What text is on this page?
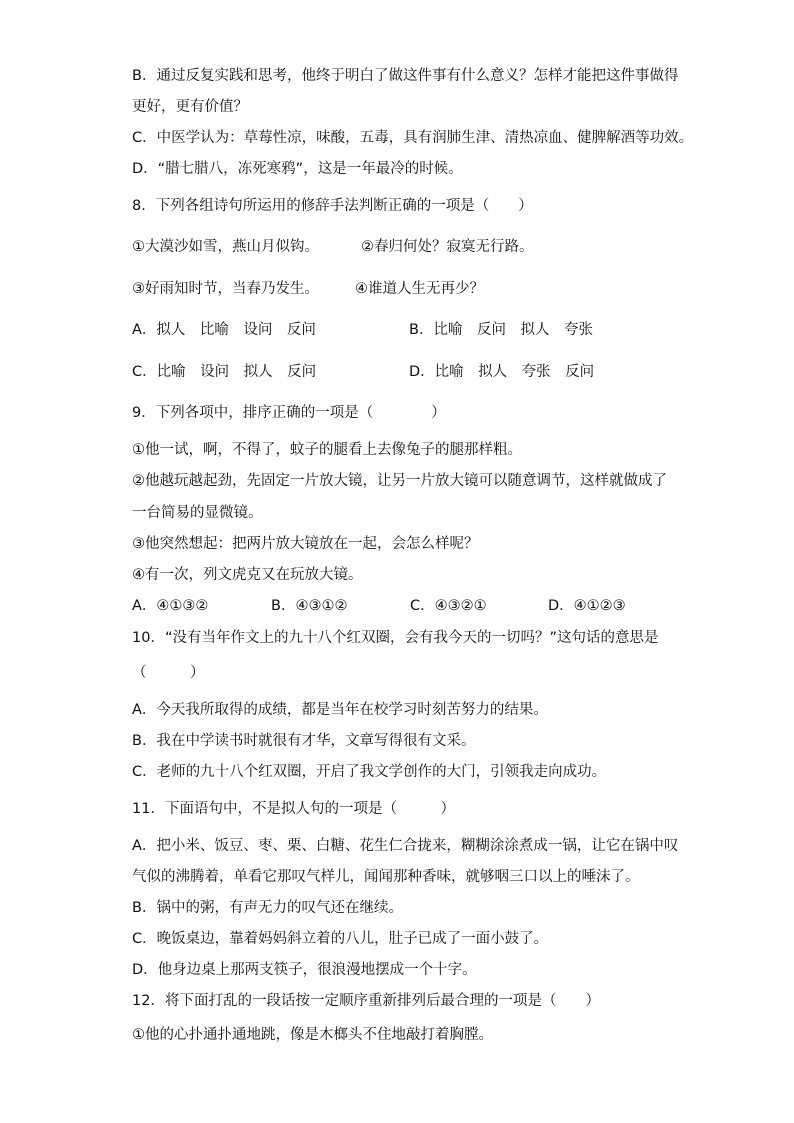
B．通过反复实践和思考，他终于明白了做这件事有什么意义？怎样才能把这件事做得
更好，更有价值？
C．中医学认为：草莓性凉，味酸，五毒，具有润肺生津、清热凉血、健脾解酒等功效。
D．“腊七腊八，冻死寒鸦”，这是一年最冷的时候。
8．下列各组诗句所运用的修辞手法判断正确的一项是（　　）
①大漠沙如雪，燕山月似钩。	②春归何处？寂寞无行路。
③好雨知时节，当春乃发生。 ④谁道人生无再少？
A．拟人　比喻　设问　反问	B．比喻　反问　拟人　夸张
C．比喻　设问　拟人　反问	D．比喻　拟人　夸张　反问
9．下列各项中，排序正确的一项是（　　　　）
①他一试，啊，不得了，蚊子的腿看上去像兔子的腿那样粗。
②他越玩越起劲，先固定一片放大镜，让另一片放大镜可以随意调节，这样就做成了
一台简易的显微镜。
③他突然想起：把两片放大镜放在一起，会怎么样呢？
④有一次，列文虎克又在玩放大镜。
A．④①③②	B．④③①②	C．④③②①	D．④①②③
10．“没有当年作文上的九十八个红双圈，会有我今天的一切吗？”这句话的意思是
（　　　）
A．今天我所取得的成绩，都是当年在校学习时刻苦努力的结果。
B．我在中学读书时就很有才华，文章写得很有文采。
C．老师的九十八个红双圈，开启了我文学创作的大门，引领我走向成功。
11．下面语句中，不是拟人句的一项是（　　　）
A．把小米、饭豆、枣、栗、白糖、花生仁合拢来，糊糊涂涂煮成一锅，让它在锅中叹
气似的沸腾着，单看它那叹气样儿，闻闻那种香味，就够咽三口以上的唾沫了。
B．锅中的粥，有声无力的叹气还在继续。
C．晚饭桌边，靠着妈妈斜立着的八儿，肚子已成了一面小鼓了。
D．他身边桌上那两支筷子，很浪漫地摆成一个十字。
12．将下面打乱的一段话按一定顺序重新排列后最合理的一项是（　　）
①他的心扑通扑通地跳，像是木榔头不住地敲打着胸膛。
